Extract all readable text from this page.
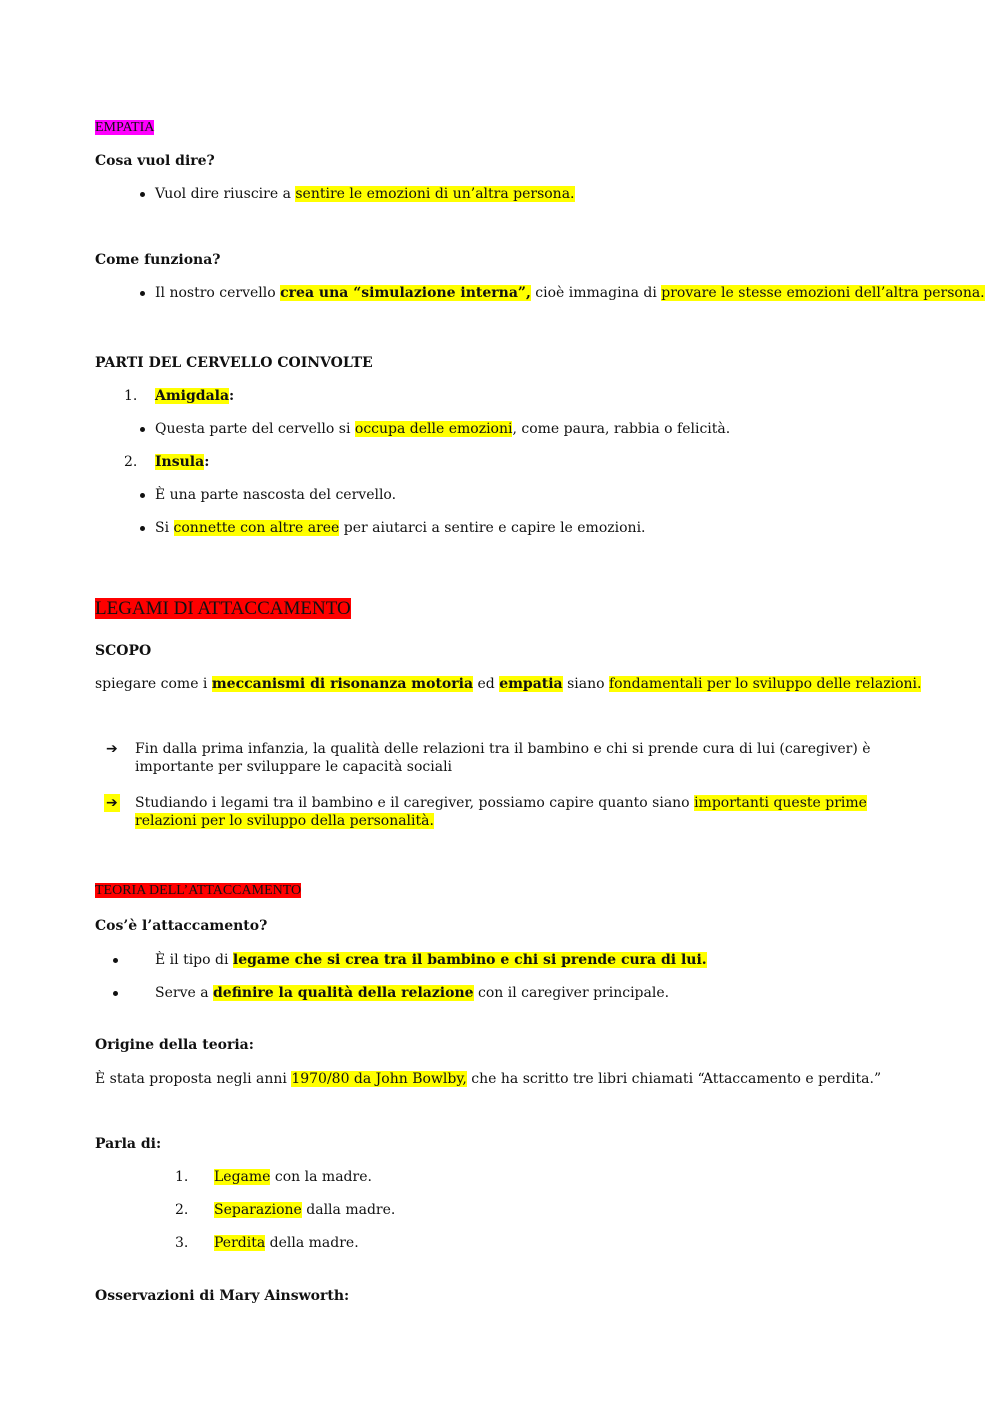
EMPATIA
Cosa vuol dire?
Vuol dire riuscire a sentire le emozioni di un’altra persona.
Come funziona?
Il nostro cervello crea una “simulazione interna”, cioè immagina di provare le stesse emozioni dell’altra persona.
PARTI DEL CERVELLO COINVOLTE
1. Amigdala:
Questa parte del cervello si occupa delle emozioni, come paura, rabbia o felicità.
2. Insula:
È una parte nascosta del cervello.
Si connette con altre aree per aiutarci a sentire e capire le emozioni.
LEGAMI DI ATTACCAMENTO
SCOPO
spiegare come i meccanismi di risonanza motoria ed empatia siano fondamentali per lo sviluppo delle relazioni.
➔ Fin dalla prima infanzia, la qualità delle relazioni tra il bambino e chi si prende cura di lui (caregiver) è importante per sviluppare le capacità sociali
➔ Studiando i legami tra il bambino e il caregiver, possiamo capire quanto siano importanti queste prime relazioni per lo sviluppo della personalità.
TEORIA DELL’ATTACCAMENTO
Cos’è l’attaccamento?
È il tipo di legame che si crea tra il bambino e chi si prende cura di lui.
Serve a definire la qualità della relazione con il caregiver principale.
Origine della teoria:
È stata proposta negli anni 1970/80 da John Bowlby, che ha scritto tre libri chiamati “Attaccamento e perdita.”
Parla di:
1. Legame con la madre.
2. Separazione dalla madre.
3. Perdita della madre.
Osservazioni di Mary Ainsworth:
